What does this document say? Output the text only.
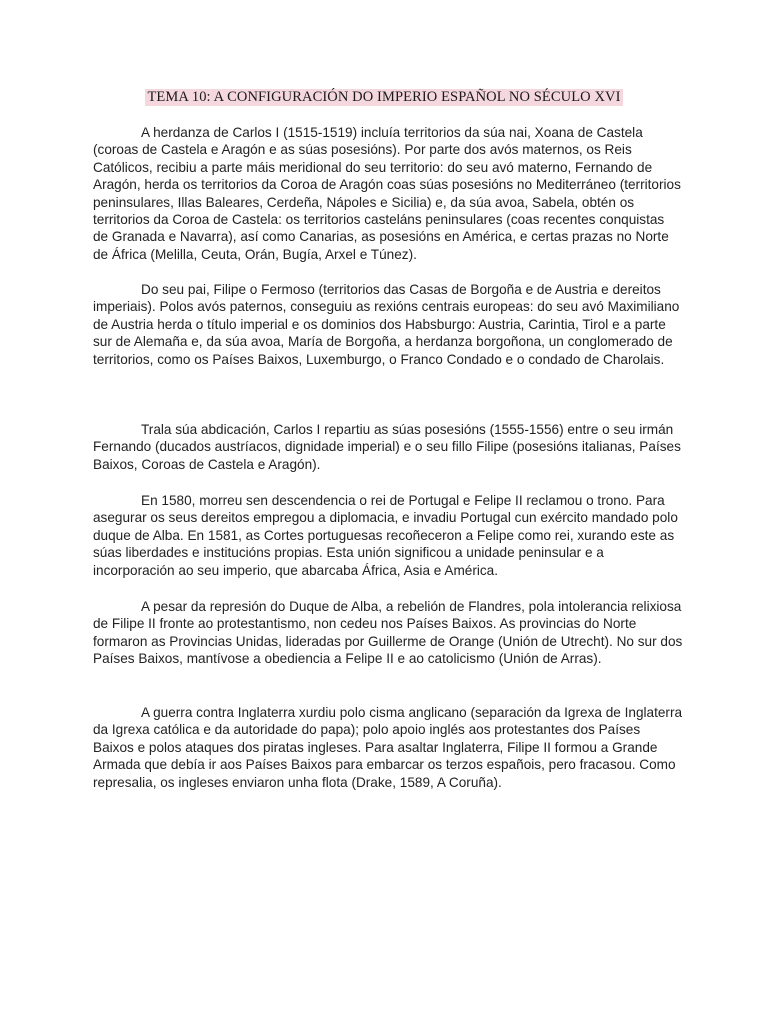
TEMA 10: A CONFIGURACIÓN DO IMPERIO ESPAÑOL NO SÉCULO XVI

A herdanza de Carlos I (1515-1519) incluía territorios da súa nai, Xoana de Castela (coroas de Castela e Aragón e as súas posesións). Por parte dos avós maternos, os Reis Católicos, recibiu a parte máis meridional do seu territorio: do seu avó materno, Fernando de Aragón, herda os territorios da Coroa de Aragón coas súas posesións no Mediterráneo (territorios peninsulares, Illas Baleares, Cerdeña, Nápoles e Sicilia) e, da súa avoa, Sabela, obtén os territorios da Coroa de Castela: os territorios casteláns peninsulares (coas recentes conquistas de Granada e Navarra), así como Canarias, as posesións en América, e certas prazas no Norte de África (Melilla, Ceuta, Orán, Bugía, Arxel e Túnez).

Do seu pai, Filipe o Fermoso (territorios das Casas de Borgoña e de Austria e dereitos imperiais). Polos avós paternos, conseguiu as rexións centrais europeas: do seu avó Maximiliano de Austria herda o título imperial e os dominios dos Habsburgo: Austria, Carintia, Tirol e a parte sur de Alemaña e, da súa avoa, María de Borgoña, a herdanza borgoñona, un conglomerado de territorios, como os Países Baixos, Luxemburgo, o Franco Condado e o condado de Charolais.

Trala súa abdicación, Carlos I repartiu as súas posesións (1555-1556) entre o seu irmán Fernando (ducados austríacos, dignidade imperial) e o seu fillo Filipe (posesións italianas, Países Baixos, Coroas de Castela e Aragón).

En 1580, morreu sen descendencia o rei de Portugal e Felipe II reclamou o trono. Para asegurar os seus dereitos empregou a diplomacia, e invadiu Portugal cun exército mandado polo duque de Alba. En 1581, as Cortes portuguesas recoñeceron a Felipe como rei, xurando este as súas liberdades e institucións propias. Esta unión significou a unidade peninsular e a incorporación ao seu imperio, que abarcaba África, Asia e América.

A pesar da represión do Duque de Alba, a rebelión de Flandres, pola intolerancia relixiosa de Filipe II fronte ao protestantismo, non cedeu nos Países Baixos. As provincias do Norte formaron as Provincias Unidas, lideradas por Guillerme de Orange (Unión de Utrecht). No sur dos Países Baixos, mantívose a obediencia a Felipe II e ao catolicismo (Unión de Arras).

A guerra contra Inglaterra xurdiu polo cisma anglicano (separación da Igrexa de Inglaterra da Igrexa católica e da autoridade do papa); polo apoio inglés aos protestantes dos Países Baixos e polos ataques dos piratas ingleses. Para asaltar Inglaterra, Filipe II formou a Grande Armada que debía ir aos Países Baixos para embarcar os terzos españois, pero fracasou. Como represalia, os ingleses enviaron unha flota (Drake, 1589, A Coruña).
